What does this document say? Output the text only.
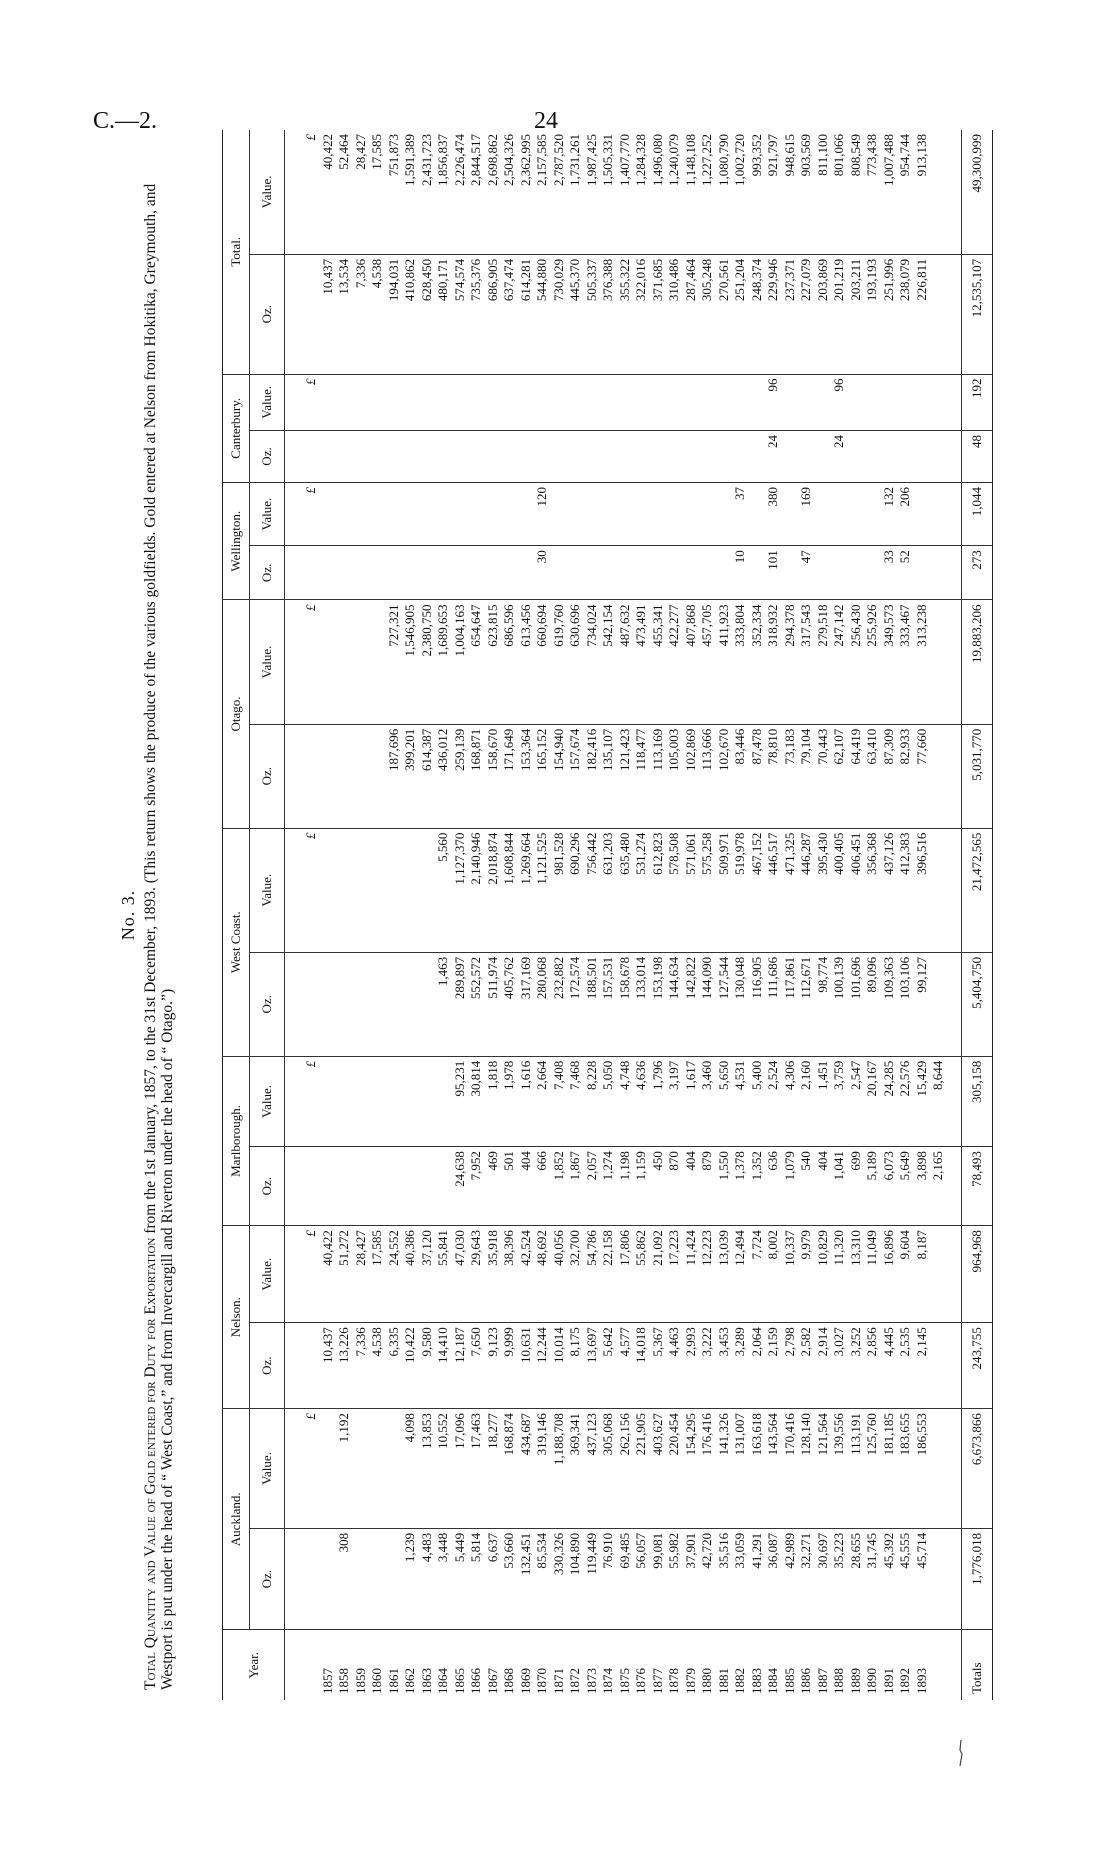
C.—2.	24
No. 3.
Total Quantity and Value of Gold entered for Duty for Exportation from the 1st January, 1857, to the 31st December, 1893. (This return shows the produce of the various goldfields. Gold entered at Nelson from Hokitika, Greymouth, and Westport is put under the head of “ West Coast,” and from Invercargill and Riverton under the head of “ Otago.”)	Year.	Auckland.		Nelson.		Marlborough.		West Coast.		Otago.		Wellington.		Canterbury.		Total.	
	Oz.	Value.	Oz.	Value.	Oz.	Value.	Oz.	Value.	Oz.	Value.	Oz.	Value.	Oz.	Value.	Oz.	Value.
		£		£		£		£		£		£		£		£
1857			10,437	40,422											10,437	40,422
1858	308	1,192	13,226	51,272											13,534	52,464
1859			7,336	28,427											7,336	28,427
1860			4,538	17,585											4,538	17,585
1861			6,335	24,552					187,696	727,321					194,031	751,873
1862	1,239	4,098	10,422	40,386					399,201	1,546,905					410,862	1,591,389
1863	4,483	13,853	9,580	37,120					614,387	2,380,750					628,450	2,431,723
1864	3,448	10,552	14,410	55,841			1,463	5,560	436,012	1,689,653					480,171	1,856,837
1865	5,449	17,096	12,187	47,030	24,638	95,231	289,897	1,127,370	259,139	1,004,163					574,574	2,226,474
1866	5,814	17,463	7,650	29,643	7,952	30,814	552,572	2,140,946	168,871	654,647					735,376	2,844,517
1867	6,637	18,277	9,123	35,918	469	1,818	511,974	2,018,874	158,670	623,815					686,905	2,698,862
1868	53,660	168,874	9,999	38,396	501	1,978	405,762	1,608,844	171,649	686,596					637,474	2,504,326
1869	132,451	434,687	10,631	42,524	404	1,616	317,169	1,269,664	153,364	613,456					614,281	2,362,995
1870	85,534	319,146	12,244	48,692	666	2,664	280,068	1,121,525	165,152	660,694	30	120			544,880	2,157,585
1871	330,326	1,188,708	10,014	40,056	1,852	7,408	232,882	981,528	154,940	619,760					730,029	2,787,520
1872	104,890	369,341	8,175	32,700	1,867	7,468	172,574	690,296	157,674	630,696					445,370	1,731,261
1873	119,449	437,123	13,697	54,786	2,057	8,228	188,501	756,442	182,416	734,024					505,337	1,987,425
1874	76,910	305,068	5,642	22,158	1,274	5,050	157,531	631,203	135,107	542,154					376,388	1,505,331
1875	69,485	262,156	4,577	17,806	1,198	4,748	158,678	635,480	121,423	487,632					355,322	1,407,770
1876	56,057	221,905	14,018	55,862	1,159	4,636	133,014	531,274	118,477	473,491					322,016	1,284,328
1877	99,081	403,627	5,367	21,092	450	1,796	153,198	612,823	113,169	455,341					371,685	1,496,080
1878	55,982	220,454	4,463	17,223	870	3,197	144,634	578,508	105,003	422,277					310,486	1,240,079
1879	37,901	154,295	2,993	11,424	404	1,617	142,822	571,061	102,869	407,868					287,464	1,148,108
1880	42,720	176,416	3,222	12,223	879	3,460	144,090	575,258	113,666	457,705					305,248	1,227,252
1881	35,516	141,326	3,453	13,039	1,550	5,650	127,544	509,971	102,670	411,923					270,561	1,080,790
1882	33,059	131,007	3,289	12,494	1,378	4,531	130,048	519,978	83,446	333,804	10	37			251,204	1,002,720
1883	41,291	163,618	2,064	7,724	1,352	5,400	116,905	467,152	87,478	352,334					248,374	993,352
1884	36,087	143,564	2,159	8,002	636	2,524	111,686	446,517	78,810	318,932	101	380	24	96	229,946	921,797
1885	42,989	170,416	2,798	10,337	1,079	4,306	117,861	471,325	73,183	294,378					237,371	948,615
1886	32,271	128,140	2,582	9,979	540	2,160	112,671	446,287	79,104	317,543	47	169			227,079	903,569
1887	30,697	121,564	2,914	10,829	404	1,451	98,774	395,430	70,443	279,518					203,869	811,100
1888	35,223	139,556	3,027	11,320	1,041	3,759	100,139	400,405	62,107	247,142			24	96	201,219	801,066
1889	28,655	113,191	3,252	13,310	699	2,547	101,696	406,451	64,419	256,430					203,211	808,549
1890	31,745	125,760	2,856	11,049	5,189	20,167	89,096	356,368	63,410	255,926					193,193	773,438
1891	45,392	181,185	4,445	16,896	6,073	24,285	109,363	437,126	87,309	349,573	33	132			251,996	1,007,488
1892	45,555	183,655	2,535	9,604	5,649	22,576	103,106	412,383	82,933	333,467	52	206			238,079	954,744
1893	45,714	186,553	2,145	8,187	3,898	15,429	99,127	396,516	77,660	313,238					226,811	913,138
					2,165	8,644										
Totals	1,776,018	6,673,866	243,755	964,968	78,493	305,158	5,404,750	21,472,565	5,031,770	19,883,206	273	1,044	48	192	12,535,107	49,300,999
